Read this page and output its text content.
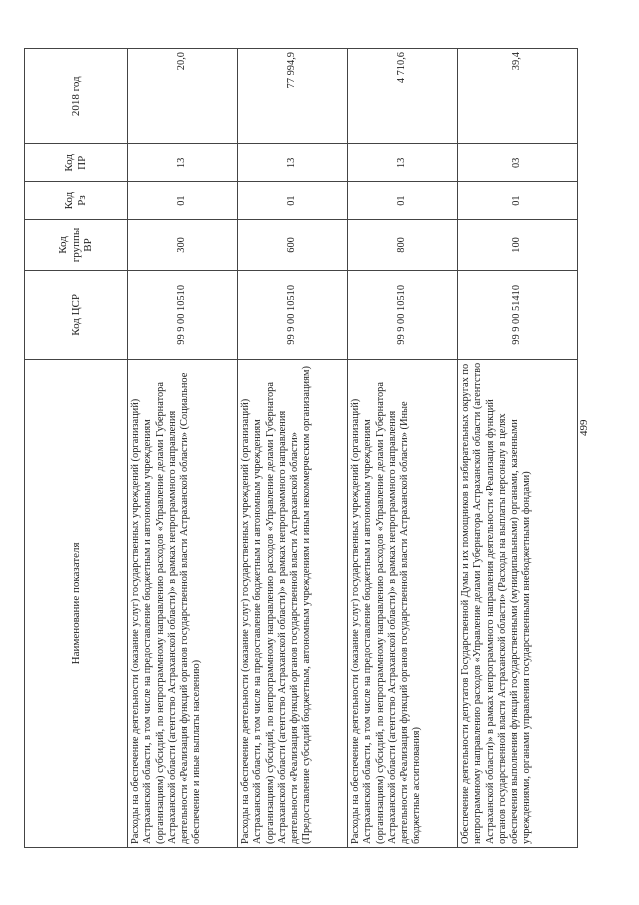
Наименование показателя	Код ЦСР	Код группы ВР	Код Рз	Код ПР	2018 год
Расходы на обеспечение деятельности (оказание услуг) государственных учреждений (организаций) Астраханской области, в том числе на предоставление бюджетным и автономным учреждениям (организациям) субсидий, по непрограммному направлению расходов «Управление делами Губернатора Астраханской области (агентство Астраханской области)» в рамках непрограммного направления деятельности «Реализация функций органов государственной власти Астраханской области» (Социальное обеспечение и иные выплаты населению)	99 9 00 10510	300	01	13	20,0
Расходы на обеспечение деятельности (оказание услуг) государственных учреждений (организаций) Астраханской области, в том числе на предоставление бюджетным и автономным учреждениям (организациям) субсидий, по непрограммному направлению расходов «Управление делами Губернатора Астраханской области (агентство Астраханской области)» в рамках непрограммного направления деятельности «Реализация функций органов государственной власти Астраханской области» (Предоставление субсидий бюджетным, автономным учреждениям и иным некоммерческим организациям)	99 9 00 10510	600	01	13	77 994,9
Расходы на обеспечение деятельности (оказание услуг) государственных учреждений (организаций) Астраханской области, в том числе на предоставление бюджетным и автономным учреждениям (организациям) субсидий, по непрограммному направлению расходов «Управление делами Губернатора Астраханской области (агентство Астраханской области)» в рамках непрограммного направления деятельности «Реализация функций органов государственной власти Астраханской области» (Иные бюджетные ассигнования)	99 9 00 10510	800	01	13	4 710,6
Обеспечение деятельности депутатов Государственной Думы и их помощников в избирательных округах по непрограммному направлению расходов «Управление делами Губернатора Астраханской области (агентство Астраханской области)» в рамках непрограммного направления деятельности «Реализация функций органов государственной власти Астраханской области» (Расходы на выплаты персоналу в целях обеспечения выполнения функций государственными (муниципальными) органами, казенными учреждениями, органами управления государственными внебюджетными фондами)	99 9 00 51410	100	01	03	39,4
499
